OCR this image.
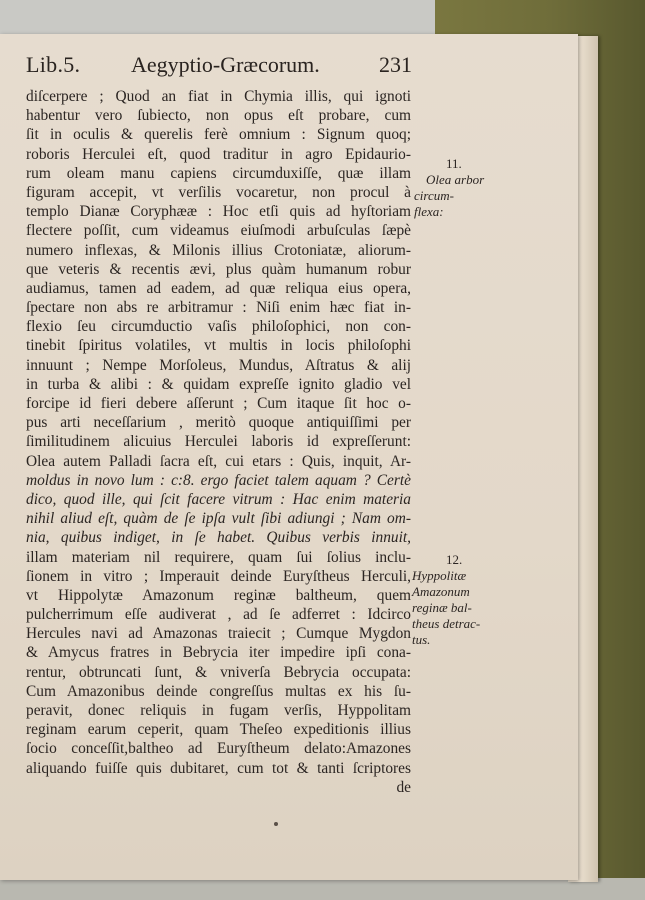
Lib.5. Aegyptio-Græcorum.	231
diſcerpere ; Quod an fiat in Chymia illis, qui ignoti
habentur vero ſubiecto, non opus eſt probare, cum
ſit in oculis & querelis ferè omnium : Signum quoq;
roboris Herculei eſt, quod traditur in agro Epidaurio-
rum oleam manu capiens circumduxiſſe, quæ illam
figuram accepit, vt verſilis vocaretur, non procul à
templo Dianæ Coryphææ : Hoc etſi quis ad hyſtoriam
flectere poſſit, cum videamus eiuſmodi arbuſculas ſæpè
numero inflexas, & Milonis illius Crotoniatæ, aliorum-
que veteris & recentis ævi, plus quàm humanum robur
audiamus, tamen ad eadem, ad quæ reliqua eius opera,
ſpectare non abs re arbitramur : Niſi enim hæc fiat in-
flexio ſeu circumductio vaſis philoſophici, non con-
tinebit ſpiritus volatiles, vt multis in locis philoſophi
innuunt ; Nempe Morſoleus, Mundus, Aſtratus & alij
in turba & alibi : & quidam expreſſe ignito gladio vel
forcipe id fieri debere aſſerunt ; Cum itaque ſit hoc o-
pus arti neceſſarium , meritò quoque antiquiſſimi per
ſimilitudinem alicuius Herculei laboris id expreſſerunt:
Olea autem Palladi ſacra eſt, cui etars : Quis, inquit, Ar-
moldus in novo lum : c:8. ergo faciet talem aquam ? Certè
dico, quod ille, qui ſcit facere vitrum : Hac enim materia
nihil aliud eſt, quàm de ſe ipſa vult ſibi adiungi ; Nam om-
nia, quibus indiget, in ſe habet. Quibus verbis innuit,
illam materiam nil requirere, quam ſui ſolius inclu-
ſionem in vitro ; Imperauit deinde Euryſtheus Herculi,
vt Hippolytæ Amazonum reginæ baltheum, quem
pulcherrimum eſſe audiverat , ad ſe adferret : Idcirco
Hercules navi ad Amazonas traiecit ; Cumque Mygdon
& Amycus fratres in Bebrycia iter impedire ipſi cona-
rentur, obtruncati ſunt, & vniverſa Bebrycia occupata:
Cum Amazonibus deinde congreſſus multas ex his ſu-
peravit, donec reliquis in fugam verſis, Hyppolitam
reginam earum ceperit, quam Theſeo expeditionis illius
ſocio conceſſit,baltheo ad Euryſtheum delato:Amazones
aliquando fuiſſe quis dubitaret, cum tot & tanti ſcriptores
de
11.
Olea arbor
circum-
flexa:
12.
Hyppolitæ
Amazonum
reginæ bal-
theus detrac-
tus.
